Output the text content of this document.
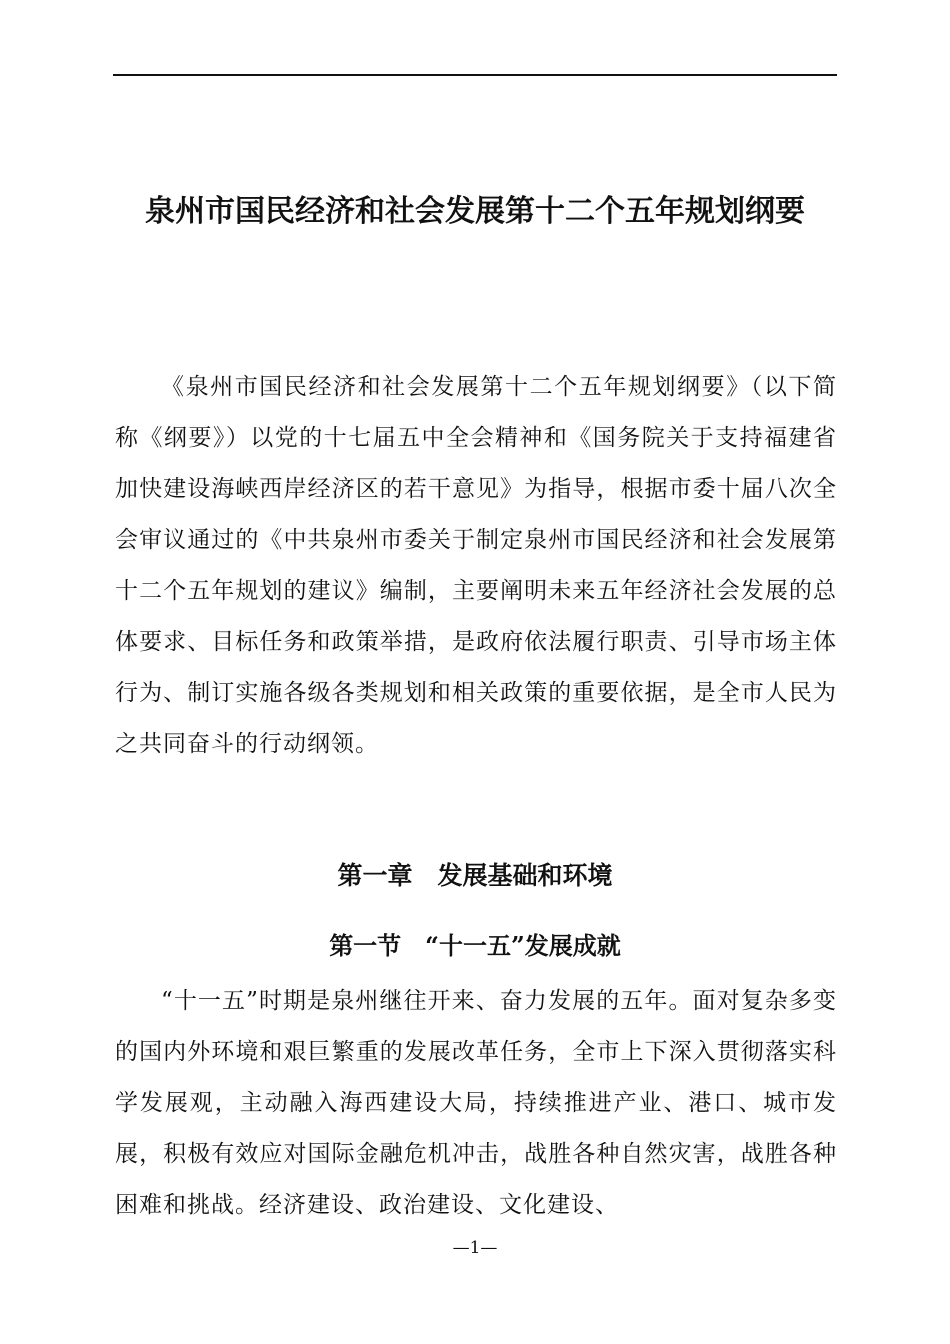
泉州市国民经济和社会发展第十二个五年规划纲要

《泉州市国民经济和社会发展第十二个五年规划纲要》（以下简称《纲要》）以党的十七届五中全会精神和《国务院关于支持福建省加快建设海峡西岸经济区的若干意见》为指导，根据市委十届八次全会审议通过的《中共泉州市委关于制定泉州市国民经济和社会发展第十二个五年规划的建议》编制，主要阐明未来五年经济社会发展的总体要求、目标任务和政策举措，是政府依法履行职责、引导市场主体行为、制订实施各级各类规划和相关政策的重要依据，是全市人民为之共同奋斗的行动纲领。

第一章　发展基础和环境
第一节　“十一五”发展成就

“十一五”时期是泉州继往开来、奋力发展的五年。面对复杂多变的国内外环境和艰巨繁重的发展改革任务，全市上下深入贯彻落实科学发展观，主动融入海西建设大局，持续推进产业、港口、城市发展，积极有效应对国际金融危机冲击，战胜各种自然灾害，战胜各种困难和挑战。经济建设、政治建设、文化建设、

—1—
